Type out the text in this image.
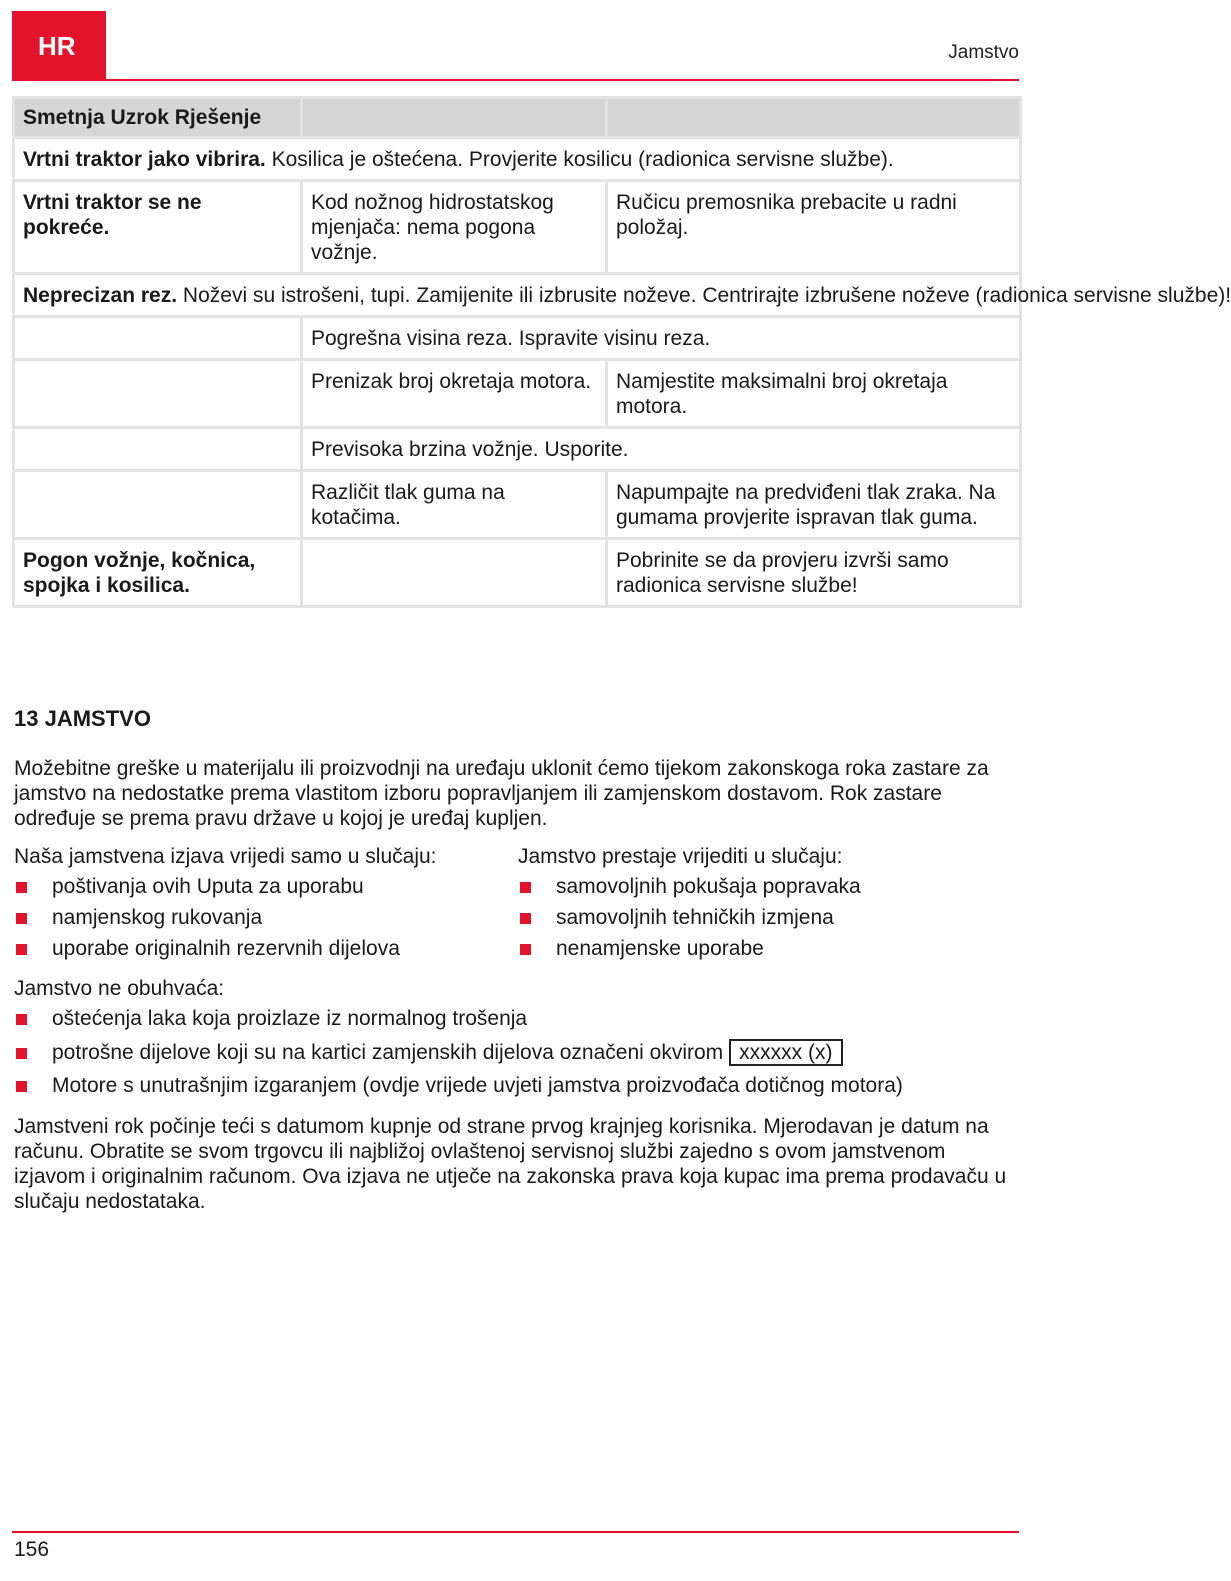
HR	Jamstvo
Smetnja Uzrok Rješenje		
Vrtni traktor jako vibrira. Kosilica je oštećena. Provjerite kosilicu (radionica servisne službe).		
Vrtni traktor se ne pokreće.	Kod nožnog hidrostatskog mjenjača: nema pogona vožnje.	Ručicu premosnika prebacite u radni položaj.
Neprecizan rez. Noževi su istrošeni, tupi. Zamijenite ili izbrusite noževe. Centrirajte izbrušene noževe (radionica servisne službe)!		
	Pogrešna visina reza. Ispravite visinu reza.	
	Prenizak broj okretaja motora.	Namjestite maksimalni broj okretaja motora.
	Previsoka brzina vožnje. Usporite.	
	Različit tlak guma na kotačima.	Napumpajte na predviđeni tlak zraka. Na gumama provjerite ispravan tlak guma.
Pogon vožnje, kočnica, spojka i kosilica.		Pobrinite se da provjeru izvrši samo radionica servisne službe!
13 JAMSTVO

Možebitne greške u materijalu ili proizvodnji na uređaju uklonit ćemo tijekom zakonskoga roka zastare za jamstvo na nedostatke prema vlastitom izboru popravljanjem ili zamjenskom dostavom. Rok zastare određuje se prema pravu države u kojoj je uređaj kupljen.

Naša jamstvena izjava vrijedi samo u slučaju:
poštivanja ovih Uputa za uporabu
namjenskog rukovanja
uporabe originalnih rezervnih dijelova
Jamstvo prestaje vrijediti u slučaju:
samovoljnih pokušaja popravaka
samovoljnih tehničkih izmjena
nenamjenske uporabe
Jamstvo ne obuhvaća:
oštećenja laka koja proizlaze iz normalnog trošenja
potrošne dijelove koji su na kartici zamjenskih dijelova označeni okvirom xxxxxx (x)
Motore s unutrašnjim izgaranjem (ovdje vrijede uvjeti jamstva proizvođača dotičnog motora)

Jamstveni rok počinje teći s datumom kupnje od strane prvog krajnjeg korisnika. Mjerodavan je datum na računu. Obratite se svom trgovcu ili najbližoj ovlaštenoj servisnoj službi zajedno s ovom jamstvenom izjavom i originalnim računom. Ova izjava ne utječe na zakonska prava koja kupac ima prema prodavaču u slučaju nedostataka.

156
